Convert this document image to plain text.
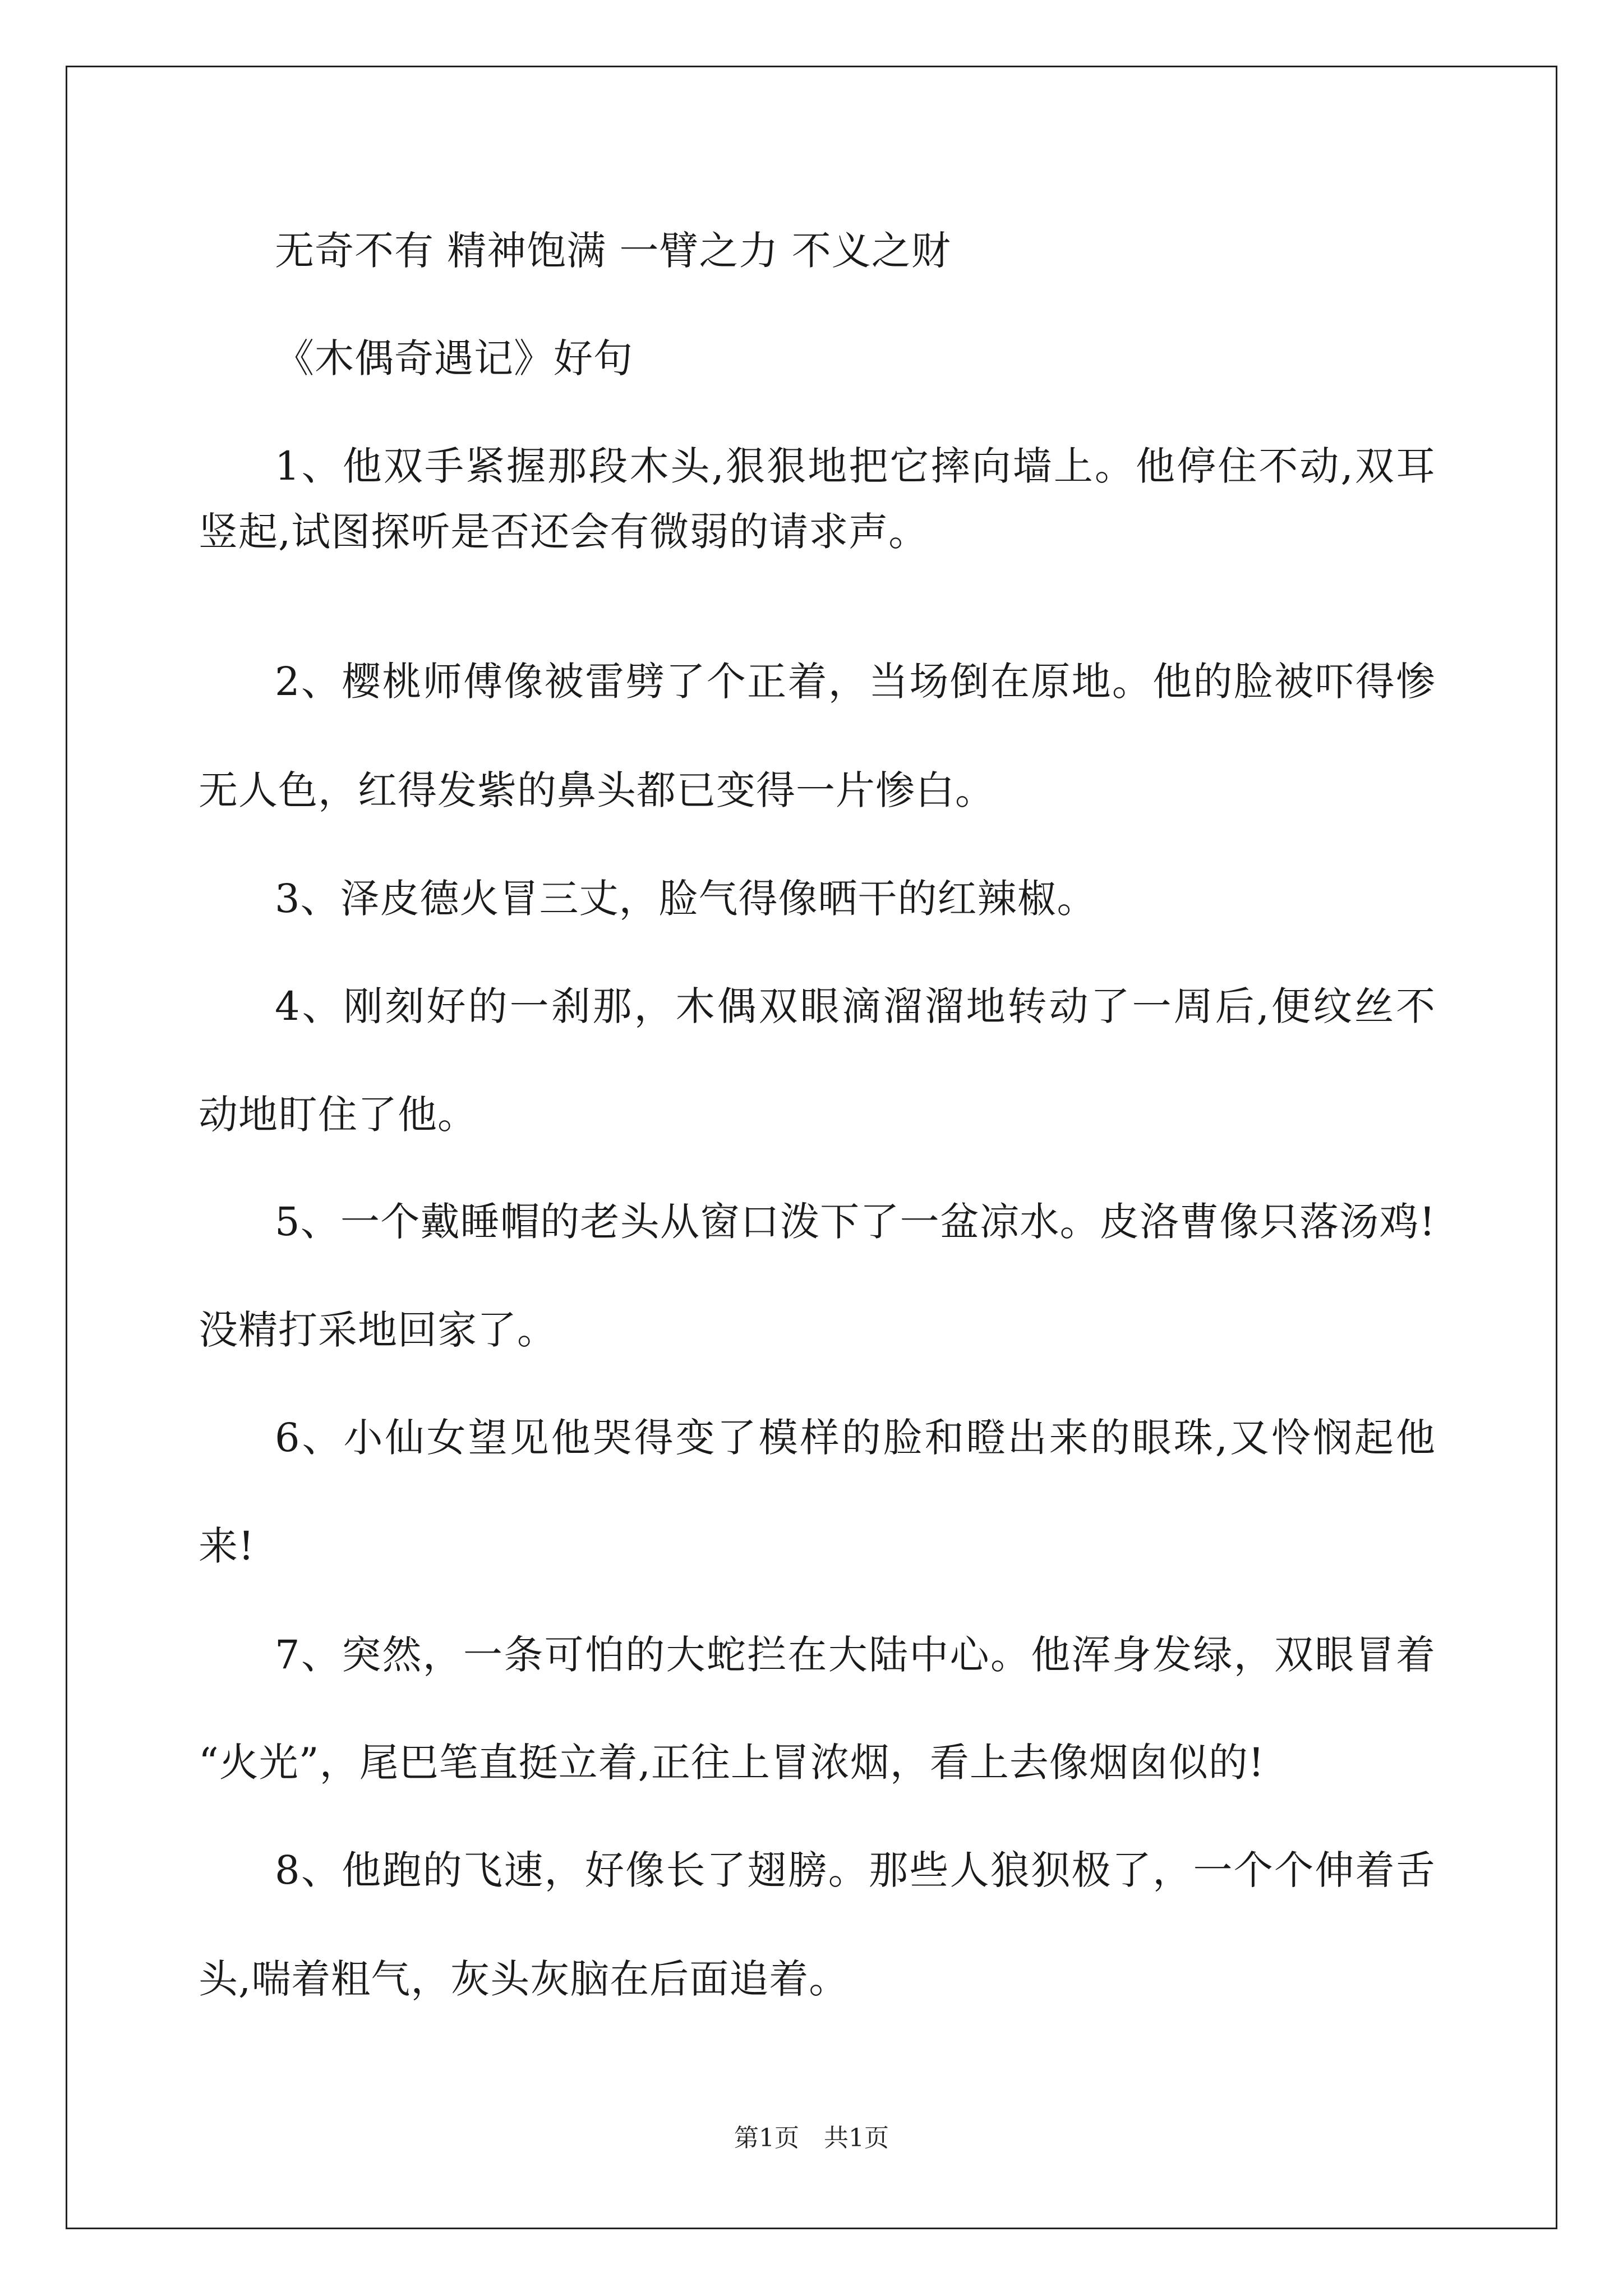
无奇不有 精神饱满 一臂之力 不义之财
《木偶奇遇记》好句
1、他双手紧握那段木头,狠狠地把它摔向墙上。他停住不动,双耳
竖起,试图探听是否还会有微弱的请求声。
2、樱桃师傅像被雷劈了个正着，当场倒在原地。他的脸被吓得惨
无人色，红得发紫的鼻头都已变得一片惨白。
3、泽皮德火冒三丈，脸气得像晒干的红辣椒。
4、刚刻好的一刹那，木偶双眼滴溜溜地转动了一周后,便纹丝不
动地盯住了他。
5、一个戴睡帽的老头从窗口泼下了一盆凉水。皮洛曹像只落汤鸡!
没精打采地回家了。
6、小仙女望见他哭得变了模样的脸和瞪出来的眼珠,又怜悯起他
来!
7、突然，一条可怕的大蛇拦在大陆中心。他浑身发绿，双眼冒着
“火光”，尾巴笔直挺立着,正往上冒浓烟，看上去像烟囱似的!
8、他跑的飞速，好像长了翅膀。那些人狼狈极了，一个个伸着舌
头,喘着粗气，灰头灰脑在后面追着。
第1页　共1页
